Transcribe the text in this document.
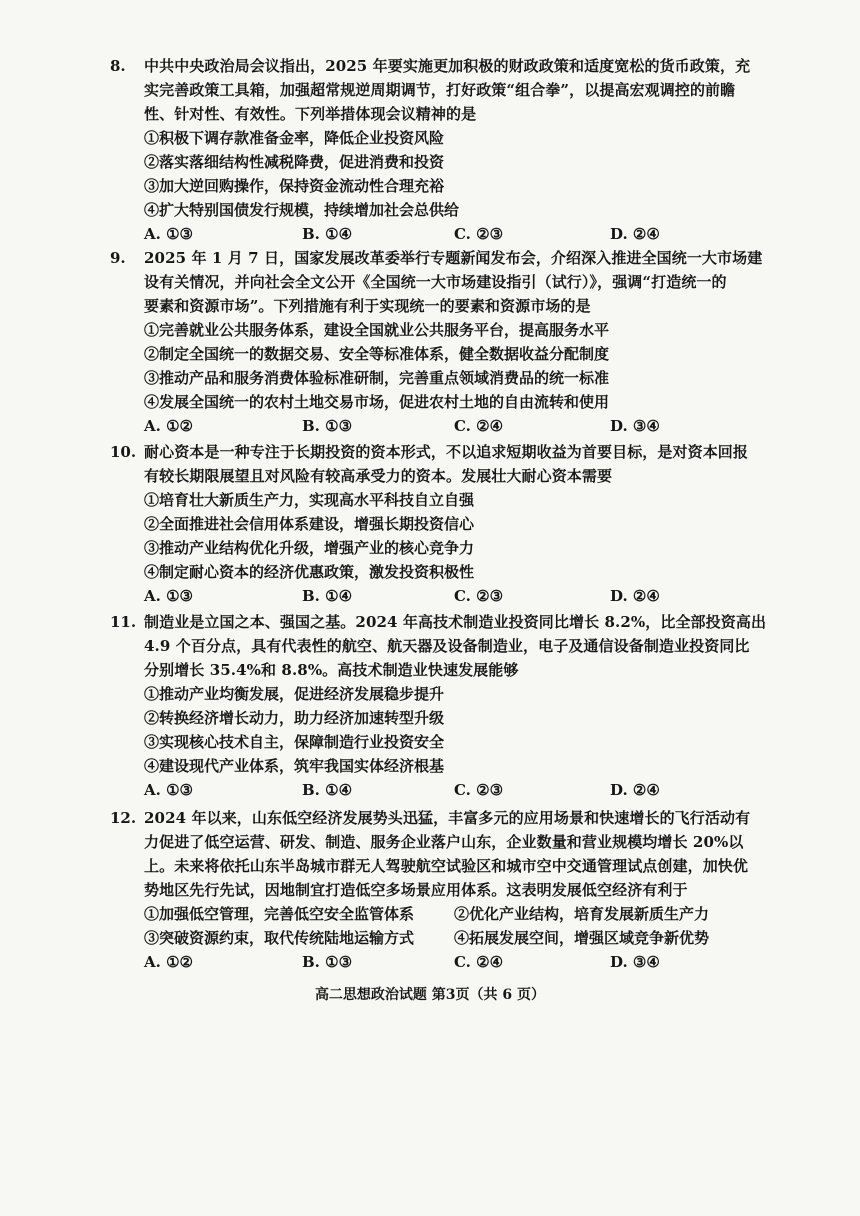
8. 中共中央政治局会议指出，2025 年要实施更加积极的财政政策和适度宽松的货币政策，充
实完善政策工具箱，加强超常规逆周期调节，打好政策“组合拳”，以提高宏观调控的前瞻
性、针对性、有效性。下列举措体现会议精神的是
①积极下调存款准备金率，降低企业投资风险
②落实落细结构性减税降费，促进消费和投资
③加大逆回购操作，保持资金流动性合理充裕
④扩大特别国债发行规模，持续增加社会总供给
A. ①③	B. ①④	C. ②③	D. ②④
9. 2025 年 1 月 7 日，国家发展改革委举行专题新闻发布会，介绍深入推进全国统一大市场建
设有关情况，并向社会全文公开《全国统一大市场建设指引（试行）》，强调“打造统一的
要素和资源市场”。下列措施有利于实现统一的要素和资源市场的是
①完善就业公共服务体系，建设全国就业公共服务平台，提高服务水平
②制定全国统一的数据交易、安全等标准体系，健全数据收益分配制度
③推动产品和服务消费体验标准研制，完善重点领域消费品的统一标准
④发展全国统一的农村土地交易市场，促进农村土地的自由流转和使用
A. ①②	B. ①③	C. ②④	D. ③④
10. 耐心资本是一种专注于长期投资的资本形式，不以追求短期收益为首要目标，是对资本回报
有较长期限展望且对风险有较高承受力的资本。发展壮大耐心资本需要
①培育壮大新质生产力，实现高水平科技自立自强
②全面推进社会信用体系建设，增强长期投资信心
③推动产业结构优化升级，增强产业的核心竞争力
④制定耐心资本的经济优惠政策，激发投资积极性
A. ①③	B. ①④	C. ②③	D. ②④
11. 制造业是立国之本、强国之基。2024 年高技术制造业投资同比增长 8.2%，比全部投资高出
4.9 个百分点，具有代表性的航空、航天器及设备制造业，电子及通信设备制造业投资同比
分别增长 35.4%和 8.8%。高技术制造业快速发展能够
①推动产业均衡发展，促进经济发展稳步提升
②转换经济增长动力，助力经济加速转型升级
③实现核心技术自主，保障制造行业投资安全
④建设现代产业体系，筑牢我国实体经济根基
A. ①③	B. ①④	C. ②③	D. ②④
12. 2024 年以来，山东低空经济发展势头迅猛，丰富多元的应用场景和快速增长的飞行活动有
力促进了低空运营、研发、制造、服务企业落户山东，企业数量和营业规模均增长 20%以
上。未来将依托山东半岛城市群无人驾驶航空试验区和城市空中交通管理试点创建，加快优
势地区先行先试，因地制宜打造低空多场景应用体系。这表明发展低空经济有利于
①加强低空管理，完善低空安全监管体系	②优化产业结构，培育发展新质生产力
③突破资源约束，取代传统陆地运输方式	④拓展发展空间，增强区域竞争新优势
A. ①②	B. ①③	C. ②④	D. ③④
高二思想政治试题 第3页（共 6 页）
